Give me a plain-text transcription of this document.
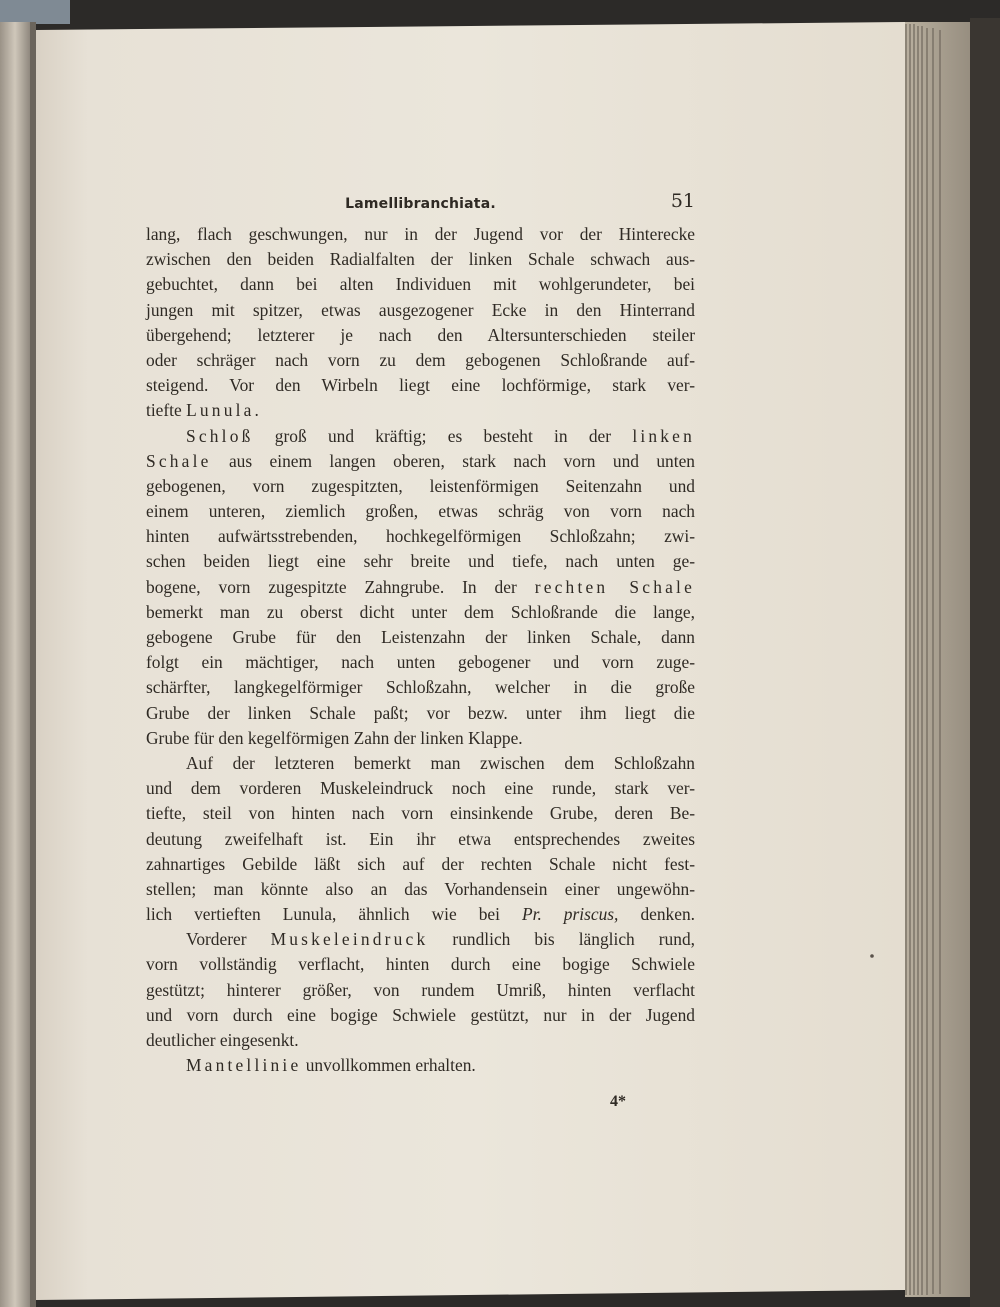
Lamellibranchiata.	51
lang, flach geschwungen, nur in der Jugend vor der Hinterecke
zwischen den beiden Radialfalten der linken Schale schwach aus-
gebuchtet, dann bei alten Individuen mit wohlgerundeter, bei
jungen mit spitzer, etwas ausgezogener Ecke in den Hinterrand
übergehend; letzterer je nach den Altersunterschieden steiler
oder schräger nach vorn zu dem gebogenen Schloßrande auf-
steigend. Vor den Wirbeln liegt eine lochförmige, stark ver-
tiefte Lunula.
Schloß groß und kräftig; es besteht in der linken
Schale aus einem langen oberen, stark nach vorn und unten
gebogenen, vorn zugespitzten, leistenförmigen Seitenzahn und
einem unteren, ziemlich großen, etwas schräg von vorn nach
hinten aufwärtsstrebenden, hochkegelförmigen Schloßzahn; zwi-
schen beiden liegt eine sehr breite und tiefe, nach unten ge-
bogene, vorn zugespitzte Zahngrube. In der rechten Schale
bemerkt man zu oberst dicht unter dem Schloßrande die lange,
gebogene Grube für den Leistenzahn der linken Schale, dann
folgt ein mächtiger, nach unten gebogener und vorn zuge-
schärfter, langkegelförmiger Schloßzahn, welcher in die große
Grube der linken Schale paßt; vor bezw. unter ihm liegt die
Grube für den kegelförmigen Zahn der linken Klappe.
Auf der letzteren bemerkt man zwischen dem Schloßzahn
und dem vorderen Muskeleindruck noch eine runde, stark ver-
tiefte, steil von hinten nach vorn einsinkende Grube, deren Be-
deutung zweifelhaft ist. Ein ihr etwa entsprechendes zweites
zahnartiges Gebilde läßt sich auf der rechten Schale nicht fest-
stellen; man könnte also an das Vorhandensein einer ungewöhn-
lich vertieften Lunula, ähnlich wie bei Pr. priscus, denken.
Vorderer Muskeleindruck rundlich bis länglich rund,
vorn vollständig verflacht, hinten durch eine bogige Schwiele
gestützt; hinterer größer, von rundem Umriß, hinten verflacht
und vorn durch eine bogige Schwiele gestützt, nur in der Jugend
deutlicher eingesenkt.
Mantellinie unvollkommen erhalten.
4*
